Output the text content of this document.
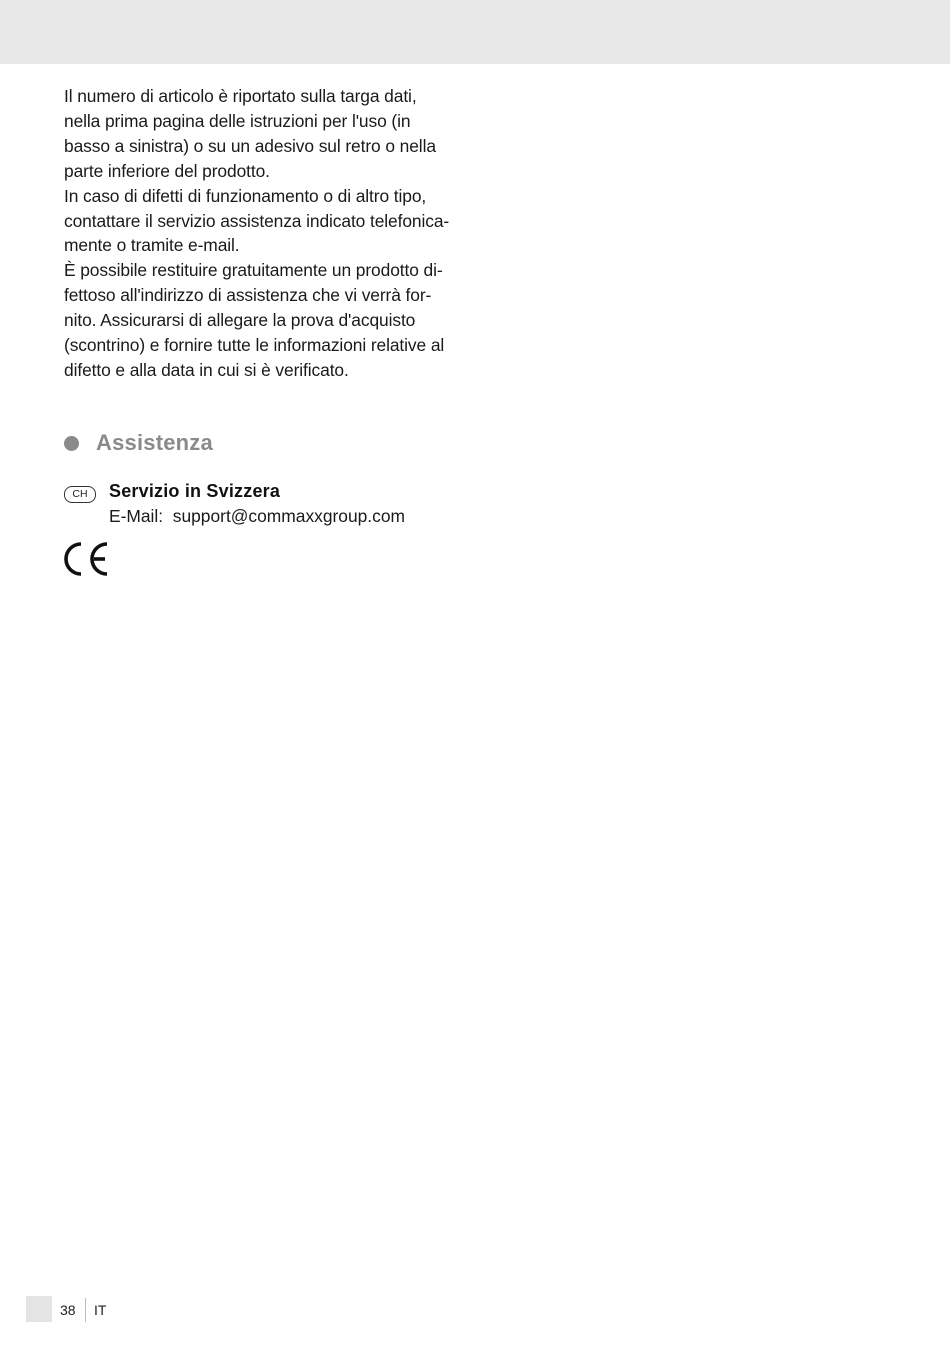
Il numero di articolo è riportato sulla targa dati,
nella prima pagina delle istruzioni per l'uso (in
basso a sinistra) o su un adesivo sul retro o nella
parte inferiore del prodotto.
In caso di difetti di funzionamento o di altro tipo,
contattare il servizio assistenza indicato telefonica-
mente o tramite e-mail.
È possibile restituire gratuitamente un prodotto di-
fettoso all'indirizzo di assistenza che vi verrà for-
nito. Assicurarsi di allegare la prova d'acquisto
(scontrino) e fornire tutte le informazioni relative al
difetto e alla data in cui si è verificato.
Assistenza
CH	Servizio in Svizzera
E-Mail:  support@commaxxgroup.com
38 IT
